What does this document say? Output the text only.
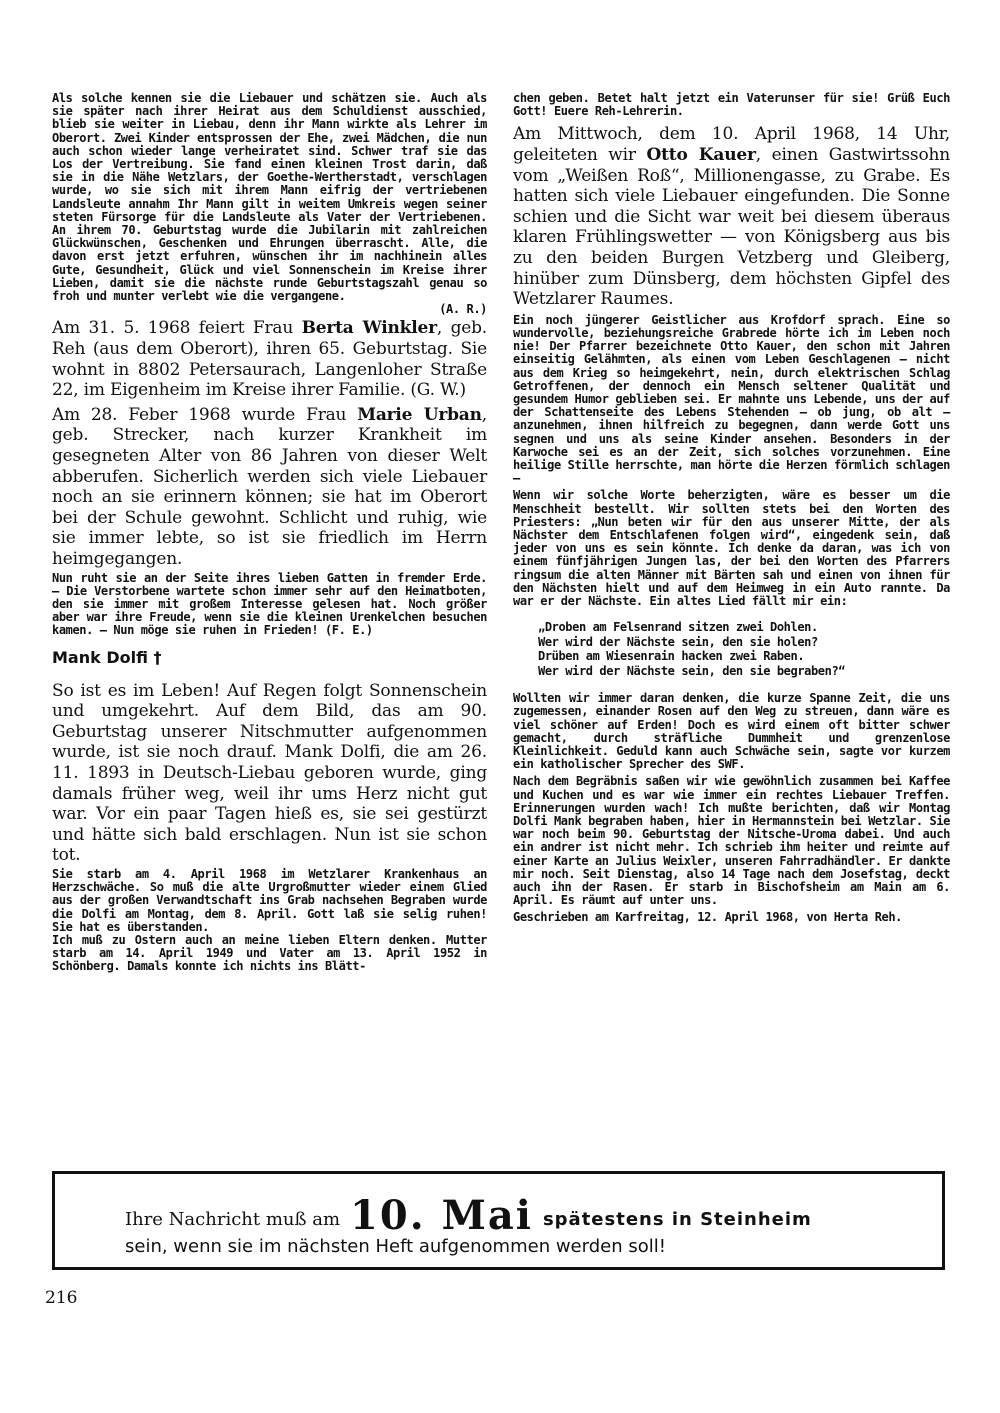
Als solche kennen sie die Liebauer und schätzen sie. Auch als sie später nach ihrer Heirat aus dem Schuldienst ausschied, blieb sie weiter in Liebau, denn ihr Mann wirkte als Lehrer im Oberort. Zwei Kinder entsprossen der Ehe, zwei Mädchen, die nun auch schon wieder lange verheiratet sind. Schwer traf sie das Los der Vertreibung. Sie fand einen kleinen Trost darin, daß sie in die Nähe Wetzlars, der Goethe-Wertherstadt, verschlagen wurde, wo sie sich mit ihrem Mann eifrig der vertriebenen Landsleute annahm Ihr Mann gilt in weitem Umkreis wegen seiner steten Fürsorge für die Landsleute als Vater der Vertriebenen. An ihrem 70. Geburtstag wurde die Jubilarin mit zahlreichen Glückwünschen, Geschenken und Ehrungen überrascht. Alle, die davon erst jetzt erfuhren, wünschen ihr im nachhinein alles Gute, Gesundheit, Glück und viel Sonnenschein im Kreise ihrer Lieben, damit sie die nächste runde Geburtstagszahl genau so froh und munter verlebt wie die vergangene.

(A. R.)

Am 31. 5. 1968 feiert Frau Berta Winkler, geb. Reh (aus dem Oberort), ihren 65. Geburtstag. Sie wohnt in 8802 Petersaurach, Langenloher Straße 22, im Eigenheim im Kreise ihrer Familie. (G. W.)

Am 28. Feber 1968 wurde Frau Marie Urban, geb. Strecker, nach kurzer Krankheit im gesegneten Alter von 86 Jahren von dieser Welt abberufen. Sicherlich werden sich viele Liebauer noch an sie erinnern können; sie hat im Oberort bei der Schule gewohnt. Schlicht und ruhig, wie sie immer lebte, so ist sie friedlich im Herrn heimgegangen.

Nun ruht sie an der Seite ihres lieben Gatten in fremder Erde. — Die Verstorbene wartete schon immer sehr auf den Heimatboten, den sie immer mit großem Interesse gelesen hat. Noch größer aber war ihre Freude, wenn sie die kleinen Urenkelchen besuchen kamen. — Nun möge sie ruhen in Frieden! (F. E.)

Mank Dolfi †

So ist es im Leben! Auf Regen folgt Sonnenschein und umgekehrt. Auf dem Bild, das am 90. Geburtstag unserer Nitschmutter aufgenommen wurde, ist sie noch drauf. Mank Dolfi, die am 26. 11. 1893 in Deutsch-Liebau geboren wurde, ging damals früher weg, weil ihr ums Herz nicht gut war. Vor ein paar Tagen hieß es, sie sei gestürzt und hätte sich bald erschlagen. Nun ist sie schon tot.

Sie starb am 4. April 1968 im Wetzlarer Krankenhaus an Herzschwäche. So muß die alte Urgroßmutter wieder einem Glied aus der großen Verwandtschaft ins Grab nachsehen Begraben wurde die Dolfi am Montag, dem 8. April. Gott laß sie selig ruhen! Sie hat es überstanden.

Ich muß zu Ostern auch an meine lieben Eltern denken. Mutter starb am 14. April 1949 und Vater am 13. April 1952 in Schönberg. Damals konnte ich nichts ins Blätt-

chen geben. Betet halt jetzt ein Vaterunser für sie! Grüß Euch Gott! Euere Reh-Lehrerin.

Am Mittwoch, dem 10. April 1968, 14 Uhr, geleiteten wir Otto Kauer, einen Gastwirtssohn vom „Weißen Roß“, Millionengasse, zu Grabe. Es hatten sich viele Liebauer eingefunden. Die Sonne schien und die Sicht war weit bei diesem überaus klaren Frühlingswetter — von Königsberg aus bis zu den beiden Burgen Vetzberg und Gleiberg, hinüber zum Dünsberg, dem höchsten Gipfel des Wetzlarer Raumes.

Ein noch jüngerer Geistlicher aus Krofdorf sprach. Eine so wundervolle, beziehungsreiche Grabrede hörte ich im Leben noch nie! Der Pfarrer bezeichnete Otto Kauer, den schon mit Jahren einseitig Gelähmten, als einen vom Leben Geschlagenen — nicht aus dem Krieg so heimgekehrt, nein, durch elektrischen Schlag Getroffenen, der dennoch ein Mensch seltener Qualität und gesundem Humor geblieben sei. Er mahnte uns Lebende, uns der auf der Schattenseite des Lebens Stehenden — ob jung, ob alt — anzunehmen, ihnen hilfreich zu begegnen, dann werde Gott uns segnen und uns als seine Kinder ansehen. Besonders in der Karwoche sei es an der Zeit, sich solches vorzunehmen. Eine heilige Stille herrschte, man hörte die Herzen förmlich schlagen —

Wenn wir solche Worte beherzigten, wäre es besser um die Menschheit bestellt. Wir sollten stets bei den Worten des Priesters: „Nun beten wir für den aus unserer Mitte, der als Nächster dem Entschlafenen folgen wird“, eingedenk sein, daß jeder von uns es sein könnte. Ich denke da daran, was ich von einem fünfjährigen Jungen las, der bei den Worten des Pfarrers ringsum die alten Männer mit Bärten sah und einen von ihnen für den Nächsten hielt und auf dem Heimweg in ein Auto rannte. Da war er der Nächste. Ein altes Lied fällt mir ein:

„Droben am Felsenrand sitzen zwei Dohlen.
Wer wird der Nächste sein, den sie holen?
Drüben am Wiesenrain hacken zwei Raben.
Wer wird der Nächste sein, den sie begraben?“

Wollten wir immer daran denken, die kurze Spanne Zeit, die uns zugemessen, einander Rosen auf den Weg zu streuen, dann wäre es viel schöner auf Erden! Doch es wird einem oft bitter schwer gemacht, durch sträfliche Dummheit und grenzenlose Kleinlichkeit. Geduld kann auch Schwäche sein, sagte vor kurzem ein katholischer Sprecher des SWF.

Nach dem Begräbnis saßen wir wie gewöhnlich zusammen bei Kaffee und Kuchen und es war wie immer ein rechtes Liebauer Treffen. Erinnerungen wurden wach! Ich mußte berichten, daß wir Montag Dolfi Mank begraben haben, hier in Hermannstein bei Wetzlar. Sie war noch beim 90. Geburtstag der Nitsche-Uroma dabei. Und auch ein andrer ist nicht mehr. Ich schrieb ihm heiter und reimte auf einer Karte an Julius Weixler, unseren Fahrradhändler. Er dankte mir noch. Seit Dienstag, also 14 Tage nach dem Josefstag, deckt auch ihn der Rasen. Er starb in Bischofsheim am Main am 6. April. Es räumt auf unter uns.

Geschrieben am Karfreitag, 12. April 1968, von Herta Reh.

Ihre Nachricht muß am 10. Mai spätestens in Steinheim
sein, wenn sie im nächsten Heft aufgenommen werden soll!
216
